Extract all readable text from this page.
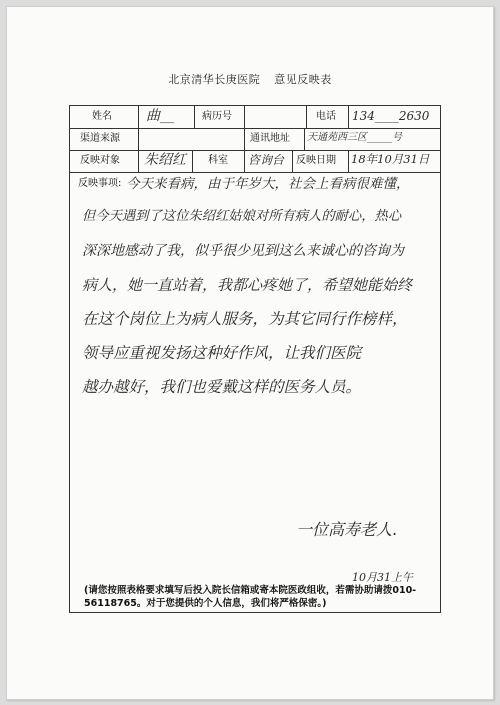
北京清华长庚医院 意见反映表
姓名 曲__	病历号	电话 134____2630
渠道来源	通讯地址 天通苑西三区_____号
反映对象 朱绍红 科室 咨询台 反映日期 18年10月31日
反映事项: 今天来看病，由于年岁大，社会上看病很难懂，
但今天遇到了这位朱绍红姑娘对所有病人的耐心，热心
深深地感动了我，似乎很少见到这么来诚心的咨询为
病人，她一直站着，我都心疼她了，希望她能始终
在这个岗位上为病人服务，为其它同行作榜样，
领导应重视发扬这种好作风，让我们医院
越办越好，我们也爱戴这样的医务人员。
一位高寿老人.
10月31上午
(请您按照表格要求填写后投入院长信箱或寄本院医政组收，若需协助请拨010-56118765。对于您提供的个人信息，我们将严格保密。)
